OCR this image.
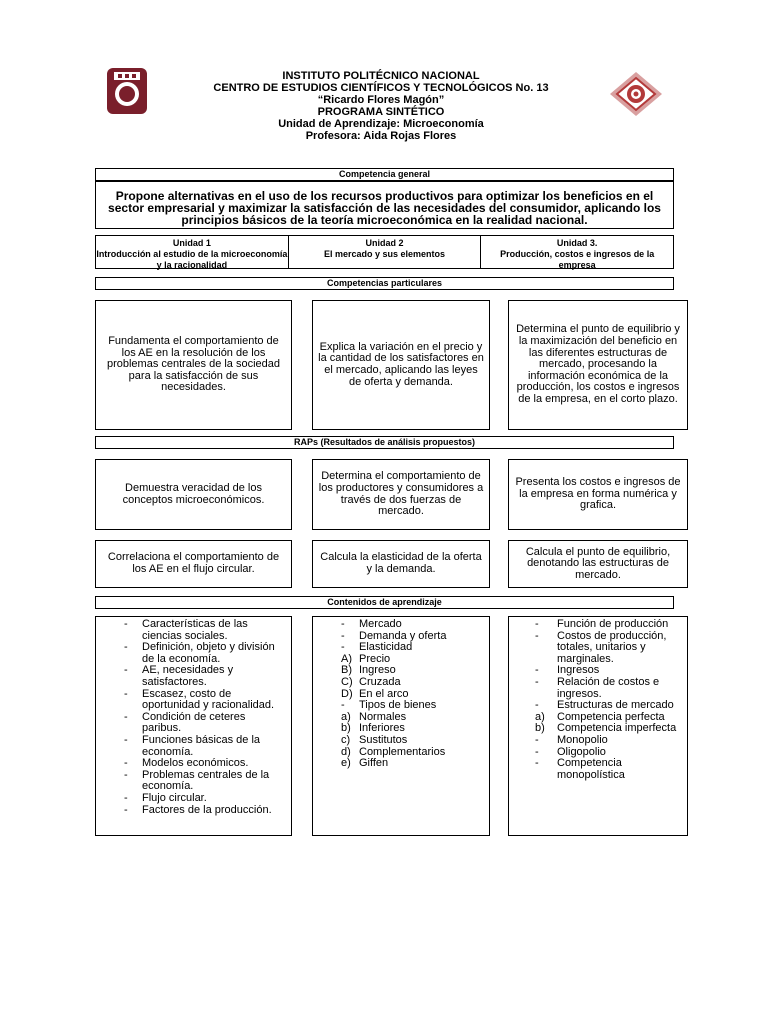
INSTITUTO POLITÉCNICO NACIONAL
CENTRO DE ESTUDIOS CIENTÍFICOS Y TECNOLÓGICOS No. 13
“Ricardo Flores Magón”
PROGRAMA SINTÉTICO
Unidad de Aprendizaje: Microeconomía
Profesora: Aida Rojas Flores
Competencia general
Propone alternativas en el uso de los recursos productivos para optimizar los beneficios en el sector empresarial y maximizar la satisfacción de las necesidades del consumidor, aplicando los principios básicos de la teoría microeconómica en la realidad nacional.
Unidad 1
Introducción al estudio de la microeconomía y la racionalidad
Unidad 2
El mercado y sus elementos
Unidad 3.
Producción, costos e ingresos de la empresa
Competencias particulares
Fundamenta el comportamiento de los AE en la resolución de los problemas centrales de la sociedad para la satisfacción de sus necesidades.
Explica la variación en el precio y la cantidad de los satisfactores en el mercado, aplicando las leyes de oferta y demanda.
Determina el punto de equilibrio y la maximización del beneficio en las diferentes estructuras de mercado, procesando la información económica de la producción, los costos e ingresos de la empresa, en el corto plazo.
RAPs (Resultados de análisis propuestos)
Demuestra veracidad de los conceptos microeconómicos.
Determina el comportamiento de los productores y consumidores a través de dos fuerzas de mercado.
Presenta los costos e ingresos de la empresa en forma numérica y grafica.
Correlaciona el comportamiento de los AE en el flujo circular.
Calcula la elasticidad de la oferta y la demanda.
Calcula el punto de equilibrio, denotando las estructuras de mercado.
Contenidos de aprendizaje
-	Características de las ciencias sociales.
-	Definición, objeto y división de la economía.
-	AE, necesidades y satisfactores.
-	Escasez, costo de oportunidad y racionalidad.
-	Condición de ceteres paribus.
-	Funciones básicas de la economía.
-	Modelos económicos.
-	Problemas centrales de la economía.
-	Flujo circular.
-	Factores de la producción.
-	Mercado
-	Demanda y oferta
-	Elasticidad
A) Precio
B) Ingreso
C) Cruzada
D) En el arco
-	Tipos de bienes
a) Normales
b) Inferiores
c) Sustitutos
d) Complementarios
e) Giffen
-	Función de producción
-	Costos de producción, totales, unitarios y marginales.
-	Ingresos
-	Relación de costos e ingresos.
-	Estructuras de mercado
a)	Competencia perfecta
b)	Competencia imperfecta
-	Monopolio
-	Oligopolio
-	Competencia monopolística
